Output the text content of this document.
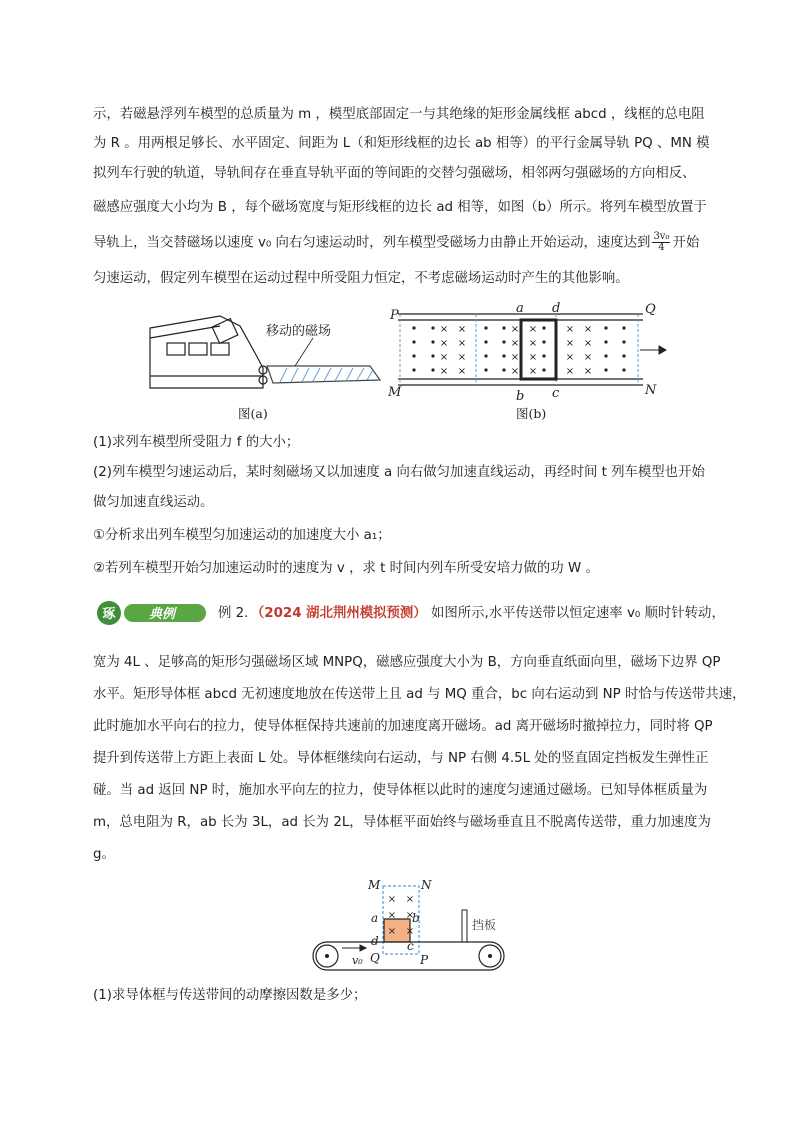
示，若磁悬浮列车模型的总质量为 m ，模型底部固定一与其绝缘的矩形金属线框 abcd ，线框的总电阻
为 R 。用两根足够长、水平固定、间距为 L（和矩形线框的边长 ab 相等）的平行金属导轨 PQ 、MN 模
拟列车行驶的轨道，导轨间存在垂直导轨平面的等间距的交替匀强磁场，相邻两匀强磁场的方向相反、
磁感应强度大小均为 B ，每个磁场宽度与矩形线框的边长 ad 相等，如图（b）所示。将列车模型放置于
导轨上，当交替磁场以速度 v₀ 向右匀速运动时，列车模型受磁场力由静止开始运动，速度达到 $\frac{\text{3v₀}}{4}$ 开始
匀速运动，假定列车模型在运动过程中所受阻力恒定，不考虑磁场运动时产生的其他影响。
移动的磁场
图(a)
×
×
×
×
×
×
×
×
×
×
×
×
×
×
×
×
×
×
×
×
×
×
×
×
P	Q
M	N
a d
b c
图(b)
(1)求列车模型所受阻力 f 的大小；
(2)列车模型匀速运动后，某时刻磁场又以加速度 a 向右做匀加速直线运动，再经时间 t 列车模型也开始
做匀加速直线运动。
①分析求出列车模型匀加速运动的加速度大小 a₁；
②若列车模型开始匀加速运动时的速度为 v ，求 t 时间内列车所受安培力做的功 W 。
琢	典例	例 2．（2024 湖北荆州模拟预测） 如图所示,水平传送带以恒定速率 v₀ 顺时针转动，
宽为 4L 、足够高的矩形匀强磁场区域 MNPQ，磁感应强度大小为 B，方向垂直纸面向里，磁场下边界 QP
水平。矩形导体框 abcd 无初速度地放在传送带上且 ad 与 MQ 重合，bc 向右运动到 NP 时恰与传送带共速，
此时施加水平向右的拉力，使导体框保持共速前的加速度离开磁场。ad 离开磁场时撤掉拉力，同时将 QP
提升到传送带上方距上表面 L 处。导体框继续向右运动，与 NP 右侧 4.5L 处的竖直固定挡板发生弹性正
碰。当 ad 返回 NP 时，施加水平向左的拉力，使导体框以此时的速度匀速通过磁场。已知导体框质量为
m，总电阻为 R，ab 长为 3L，ad 长为 2L，导体框平面始终与磁场垂直且不脱离传送带，重力加速度为
g。
× ×
× ×
× ×
M	N
a	b
c
d
Q	P
v₀
挡板
(1)求导体框与传送带间的动摩擦因数是多少；
